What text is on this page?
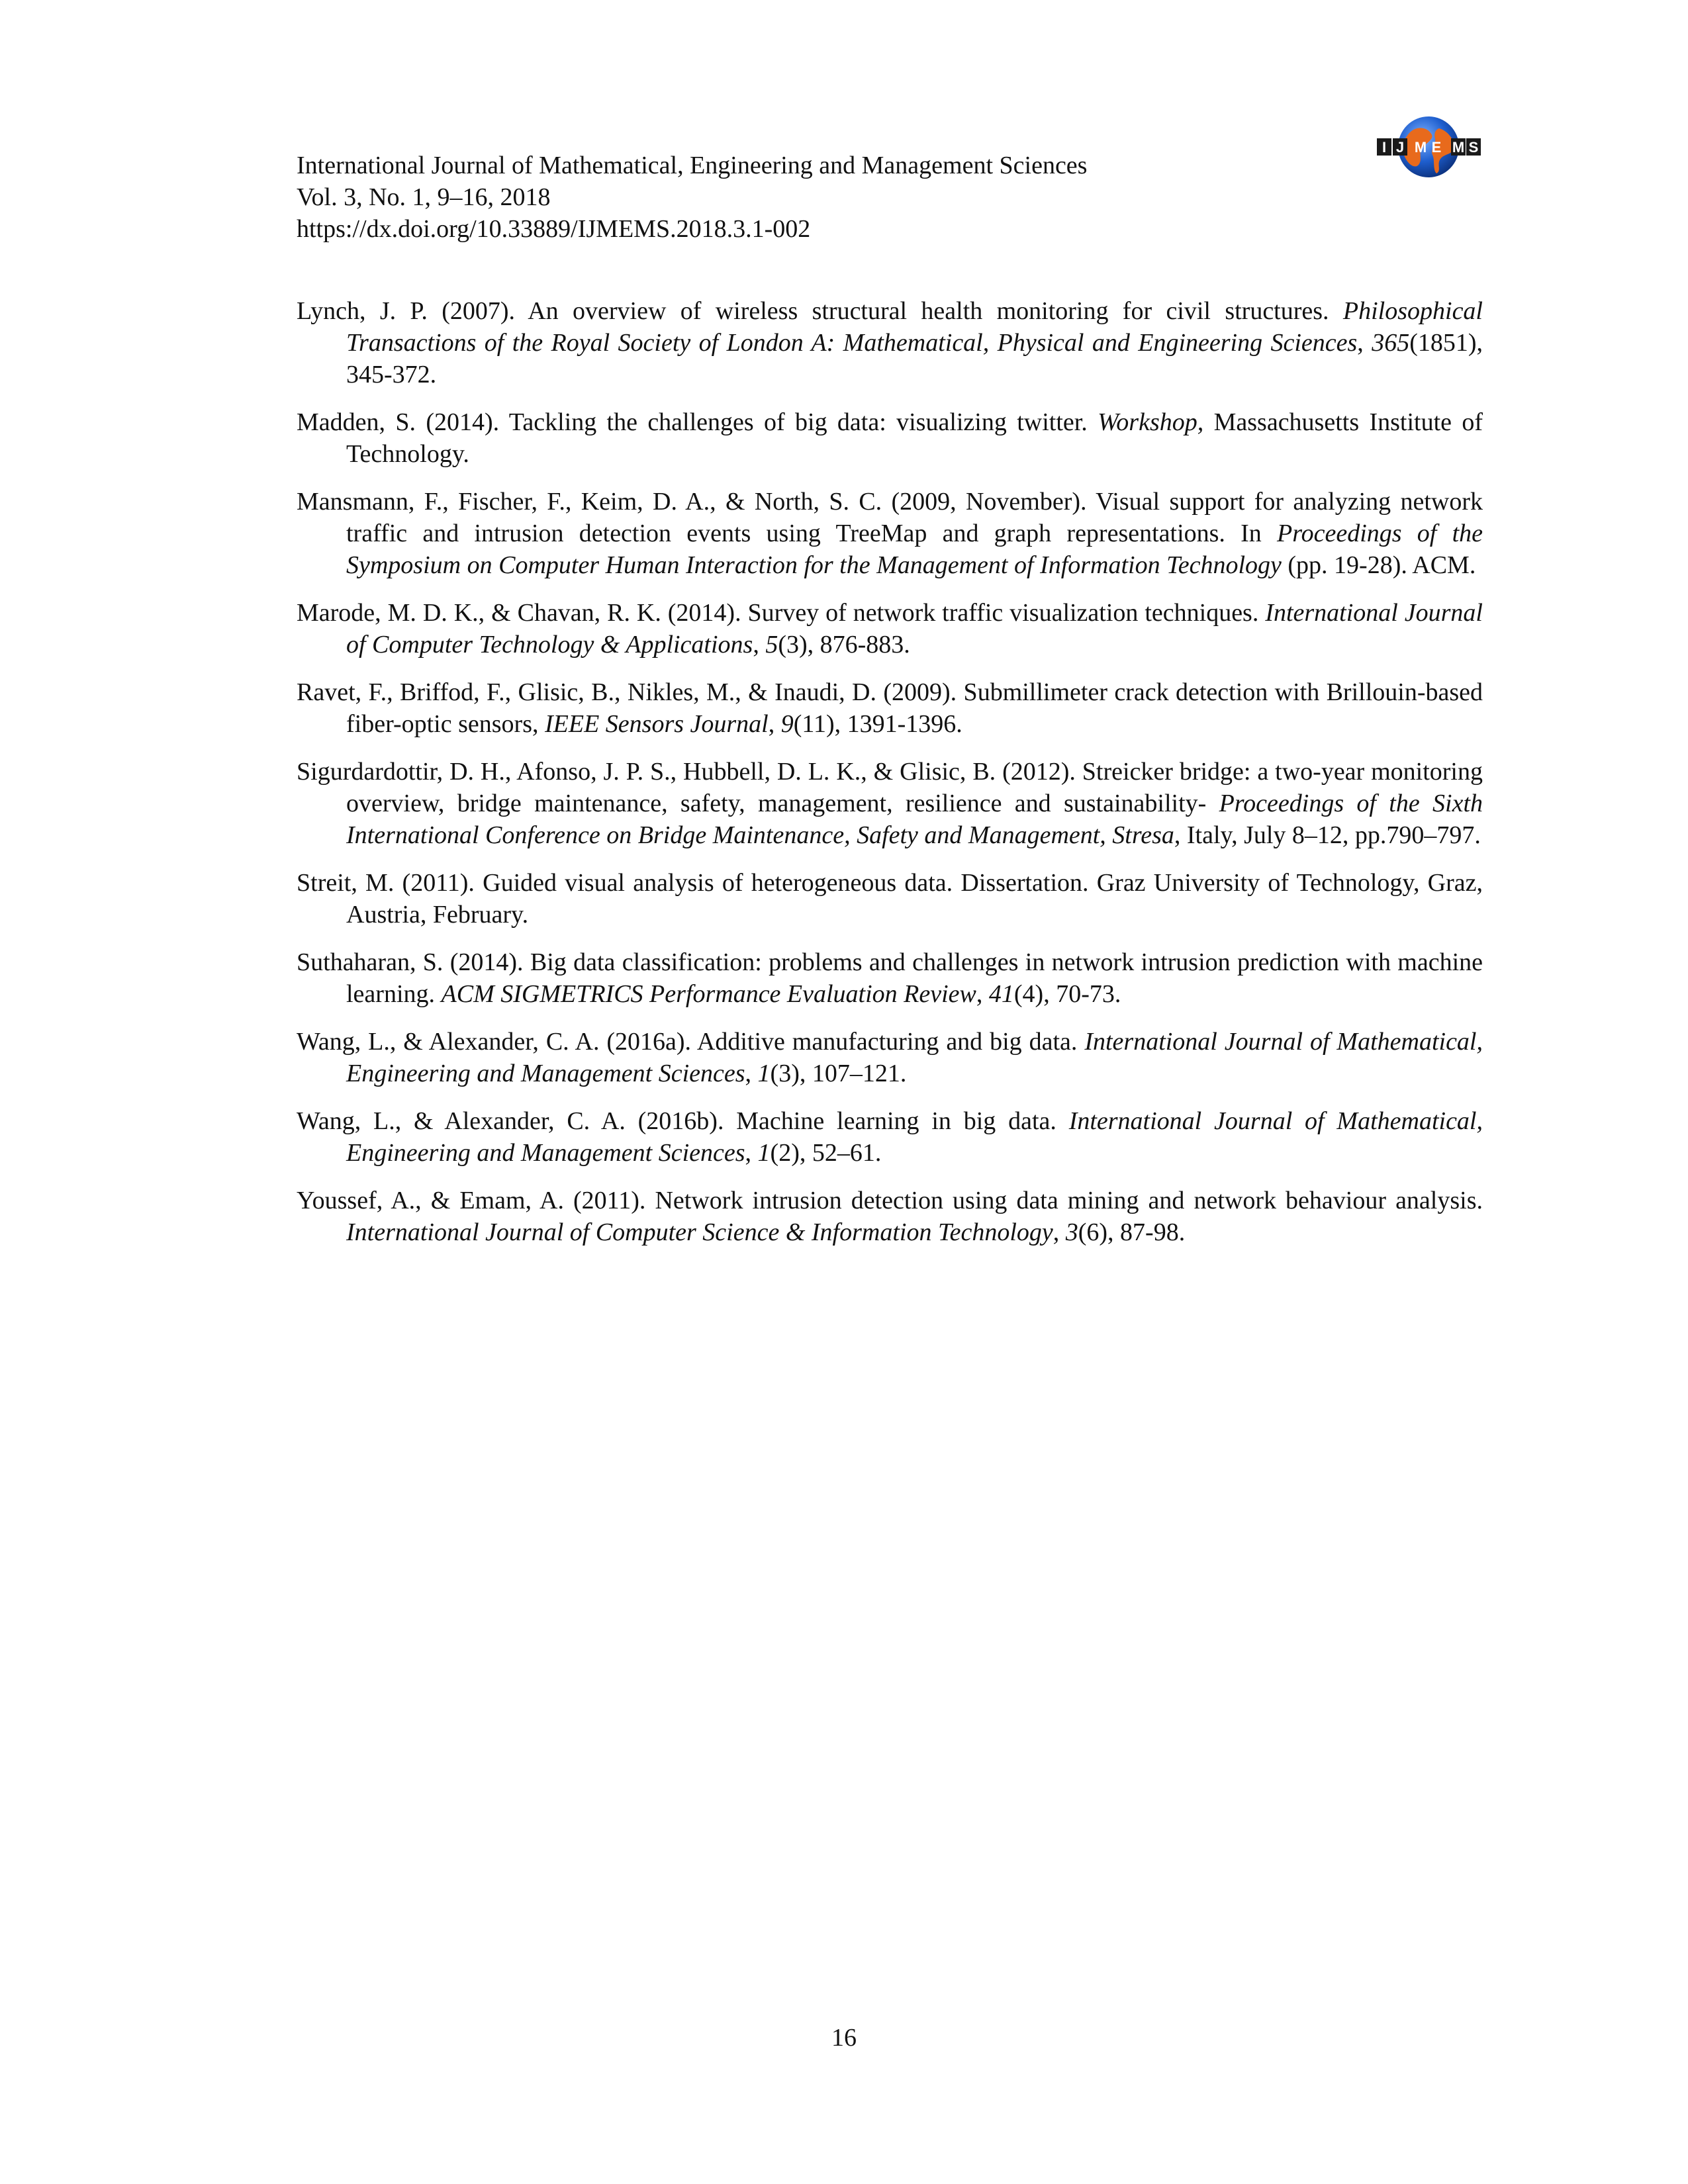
International Journal of Mathematical, Engineering and Management Sciences
Vol. 3, No. 1, 9–16, 2018
https://dx.doi.org/10.33889/IJMEMS.2018.3.1-002
I J M E M S
Lynch, J. P. (2007). An overview of wireless structural health monitoring for civil structures. Philosophical Transactions of the Royal Society of London A: Mathematical, Physical and Engineering Sciences, 365(1851), 345-372.
Madden, S. (2014). Tackling the challenges of big data: visualizing twitter. Workshop, Massachusetts Institute of Technology.
Mansmann, F., Fischer, F., Keim, D. A., & North, S. C. (2009, November). Visual support for analyzing network traffic and intrusion detection events using TreeMap and graph representations. In Proceedings of the Symposium on Computer Human Interaction for the Management of Information Technology (pp. 19-28). ACM.
Marode, M. D. K., & Chavan, R. K. (2014). Survey of network traffic visualization techniques. International Journal of Computer Technology & Applications, 5(3), 876-883.
Ravet, F., Briffod, F., Glisic, B., Nikles, M., & Inaudi, D. (2009). Submillimeter crack detection with Brillouin-based fiber-optic sensors, IEEE Sensors Journal, 9(11), 1391-1396.
Sigurdardottir, D. H., Afonso, J. P. S., Hubbell, D. L. K., & Glisic, B. (2012). Streicker bridge: a two-year monitoring overview, bridge maintenance, safety, management, resilience and sustainability- Proceedings of the Sixth International Conference on Bridge Maintenance, Safety and Management, Stresa, Italy, July 8–12, pp.790–797.
Streit, M. (2011). Guided visual analysis of heterogeneous data. Dissertation. Graz University of Technology, Graz, Austria, February.
Suthaharan, S. (2014). Big data classification: problems and challenges in network intrusion prediction with machine learning. ACM SIGMETRICS Performance Evaluation Review, 41(4), 70-73.
Wang, L., & Alexander, C. A. (2016a). Additive manufacturing and big data. International Journal of Mathematical, Engineering and Management Sciences, 1(3), 107–121.
Wang, L., & Alexander, C. A. (2016b). Machine learning in big data. International Journal of Mathematical, Engineering and Management Sciences, 1(2), 52–61.
Youssef, A., & Emam, A. (2011). Network intrusion detection using data mining and network behaviour analysis. International Journal of Computer Science & Information Technology, 3(6), 87-98.
16
